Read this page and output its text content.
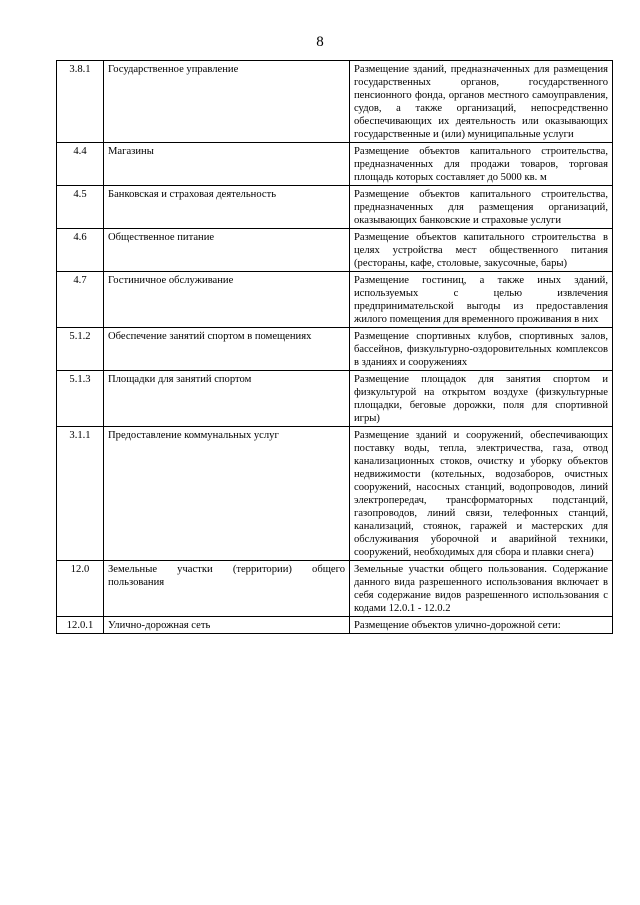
8
3.8.1	Государственное управление	Размещение зданий, предназначенных для размещения государственных органов, государственного пенсионного фонда, органов местного самоуправления, судов, а также организаций, непосредственно обеспечивающих их деятельность или оказывающих государственные и (или) муниципальные услуги
4.4	Магазины	Размещение объектов капитального строительства, предназначенных для продажи товаров, торговая площадь которых составляет до 5000 кв. м
4.5	Банковская и страховая деятельность	Размещение объектов капитального строительства, предназначенных для размещения организаций, оказывающих банковские и страховые услуги
4.6	Общественное питание	Размещение объектов капитального строительства в целях устройства мест общественного питания (рестораны, кафе, столовые, закусочные, бары)
4.7	Гостиничное обслуживание	Размещение гостиниц, а также иных зданий, используемых с целью извлечения предпринимательской выгоды из предоставления жилого помещения для временного проживания в них
5.1.2	Обеспечение занятий спортом в помещениях	Размещение спортивных клубов, спортивных залов, бассейнов, физкультурно-оздоровительных комплексов в зданиях и сооружениях
5.1.3	Площадки для занятий спортом	Размещение площадок для занятия спортом и физкультурой на открытом воздухе (физкультурные площадки, беговые дорожки, поля для спортивной игры)
3.1.1	Предоставление коммунальных услуг	Размещение зданий и сооружений, обеспечивающих поставку воды, тепла, электричества, газа, отвод канализационных стоков, очистку и уборку объектов недвижимости (котельных, водозаборов, очистных сооружений, насосных станций, водопроводов, линий электропередач, трансформаторных подстанций, газопроводов, линий связи, телефонных станций, канализаций, стоянок, гаражей и мастерских для обслуживания уборочной и аварийной техники, сооружений, необходимых для сбора и плавки снега)
12.0	Земельные участки (территории) общего пользования	Земельные участки общего пользования. Содержание данного вида разрешенного использования включает в себя содержание видов разрешенного использования с кодами 12.0.1 - 12.0.2
12.0.1	Улично-дорожная сеть	Размещение объектов улично-дорожной сети:
